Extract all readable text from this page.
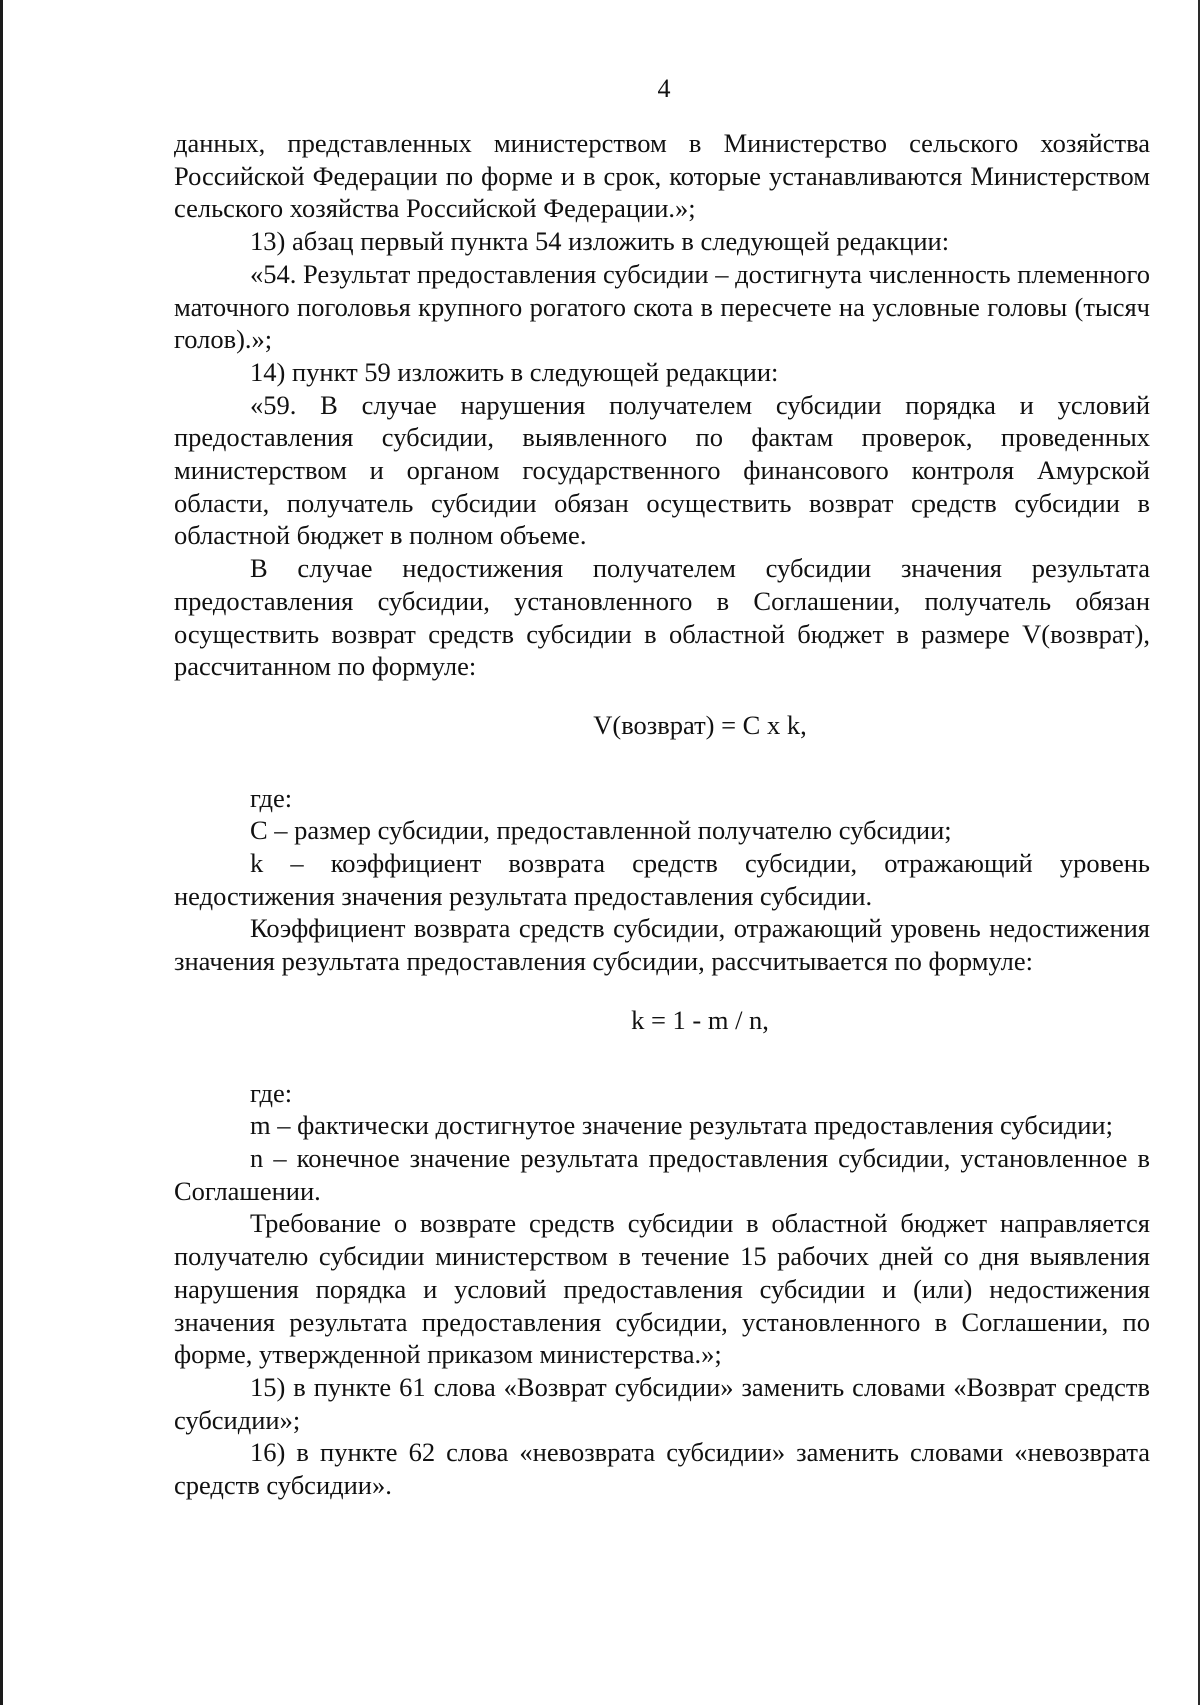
4

данных, представленных министерством в Министерство сельского хозяйства Российской Федерации по форме и в срок, которые устанавливаются Министерством сельского хозяйства Российской Федерации.»;

13) абзац первый пункта 54 изложить в следующей редакции:

«54. Результат предоставления субсидии – достигнута численность племенного маточного поголовья крупного рогатого скота в пересчете на условные головы (тысяч голов).»;

14) пункт 59 изложить в следующей редакции:

«59. В случае нарушения получателем субсидии порядка и условий предоставления субсидии, выявленного по фактам проверок, проведенных министерством и органом государственного финансового контроля Амурской области, получатель субсидии обязан осуществить возврат средств субсидии в областной бюджет в полном объеме.

В случае недостижения получателем субсидии значения результата предоставления субсидии, установленного в Соглашении, получатель обязан осуществить возврат средств субсидии в областной бюджет в размере V(возврат), рассчитанном по формуле:

V(возврат) = C x k,

где:

C – размер субсидии, предоставленной получателю субсидии;

k – коэффициент возврата средств субсидии, отражающий уровень недостижения значения результата предоставления субсидии.

Коэффициент возврата средств субсидии, отражающий уровень недостижения значения результата предоставления субсидии, рассчитывается по формуле:

k = 1 - m / n,

где:

m – фактически достигнутое значение результата предоставления субсидии;

n – конечное значение результата предоставления субсидии, установленное в Соглашении.

Требование о возврате средств субсидии в областной бюджет направляется получателю субсидии министерством в течение 15 рабочих дней со дня выявления нарушения порядка и условий предоставления субсидии и (или) недостижения значения результата предоставления субсидии, установленного в Соглашении, по форме, утвержденной приказом министерства.»;

15) в пункте 61 слова «Возврат субсидии» заменить словами «Возврат средств субсидии»;

16) в пункте 62 слова «невозврата субсидии» заменить словами «невозврата средств субсидии».
